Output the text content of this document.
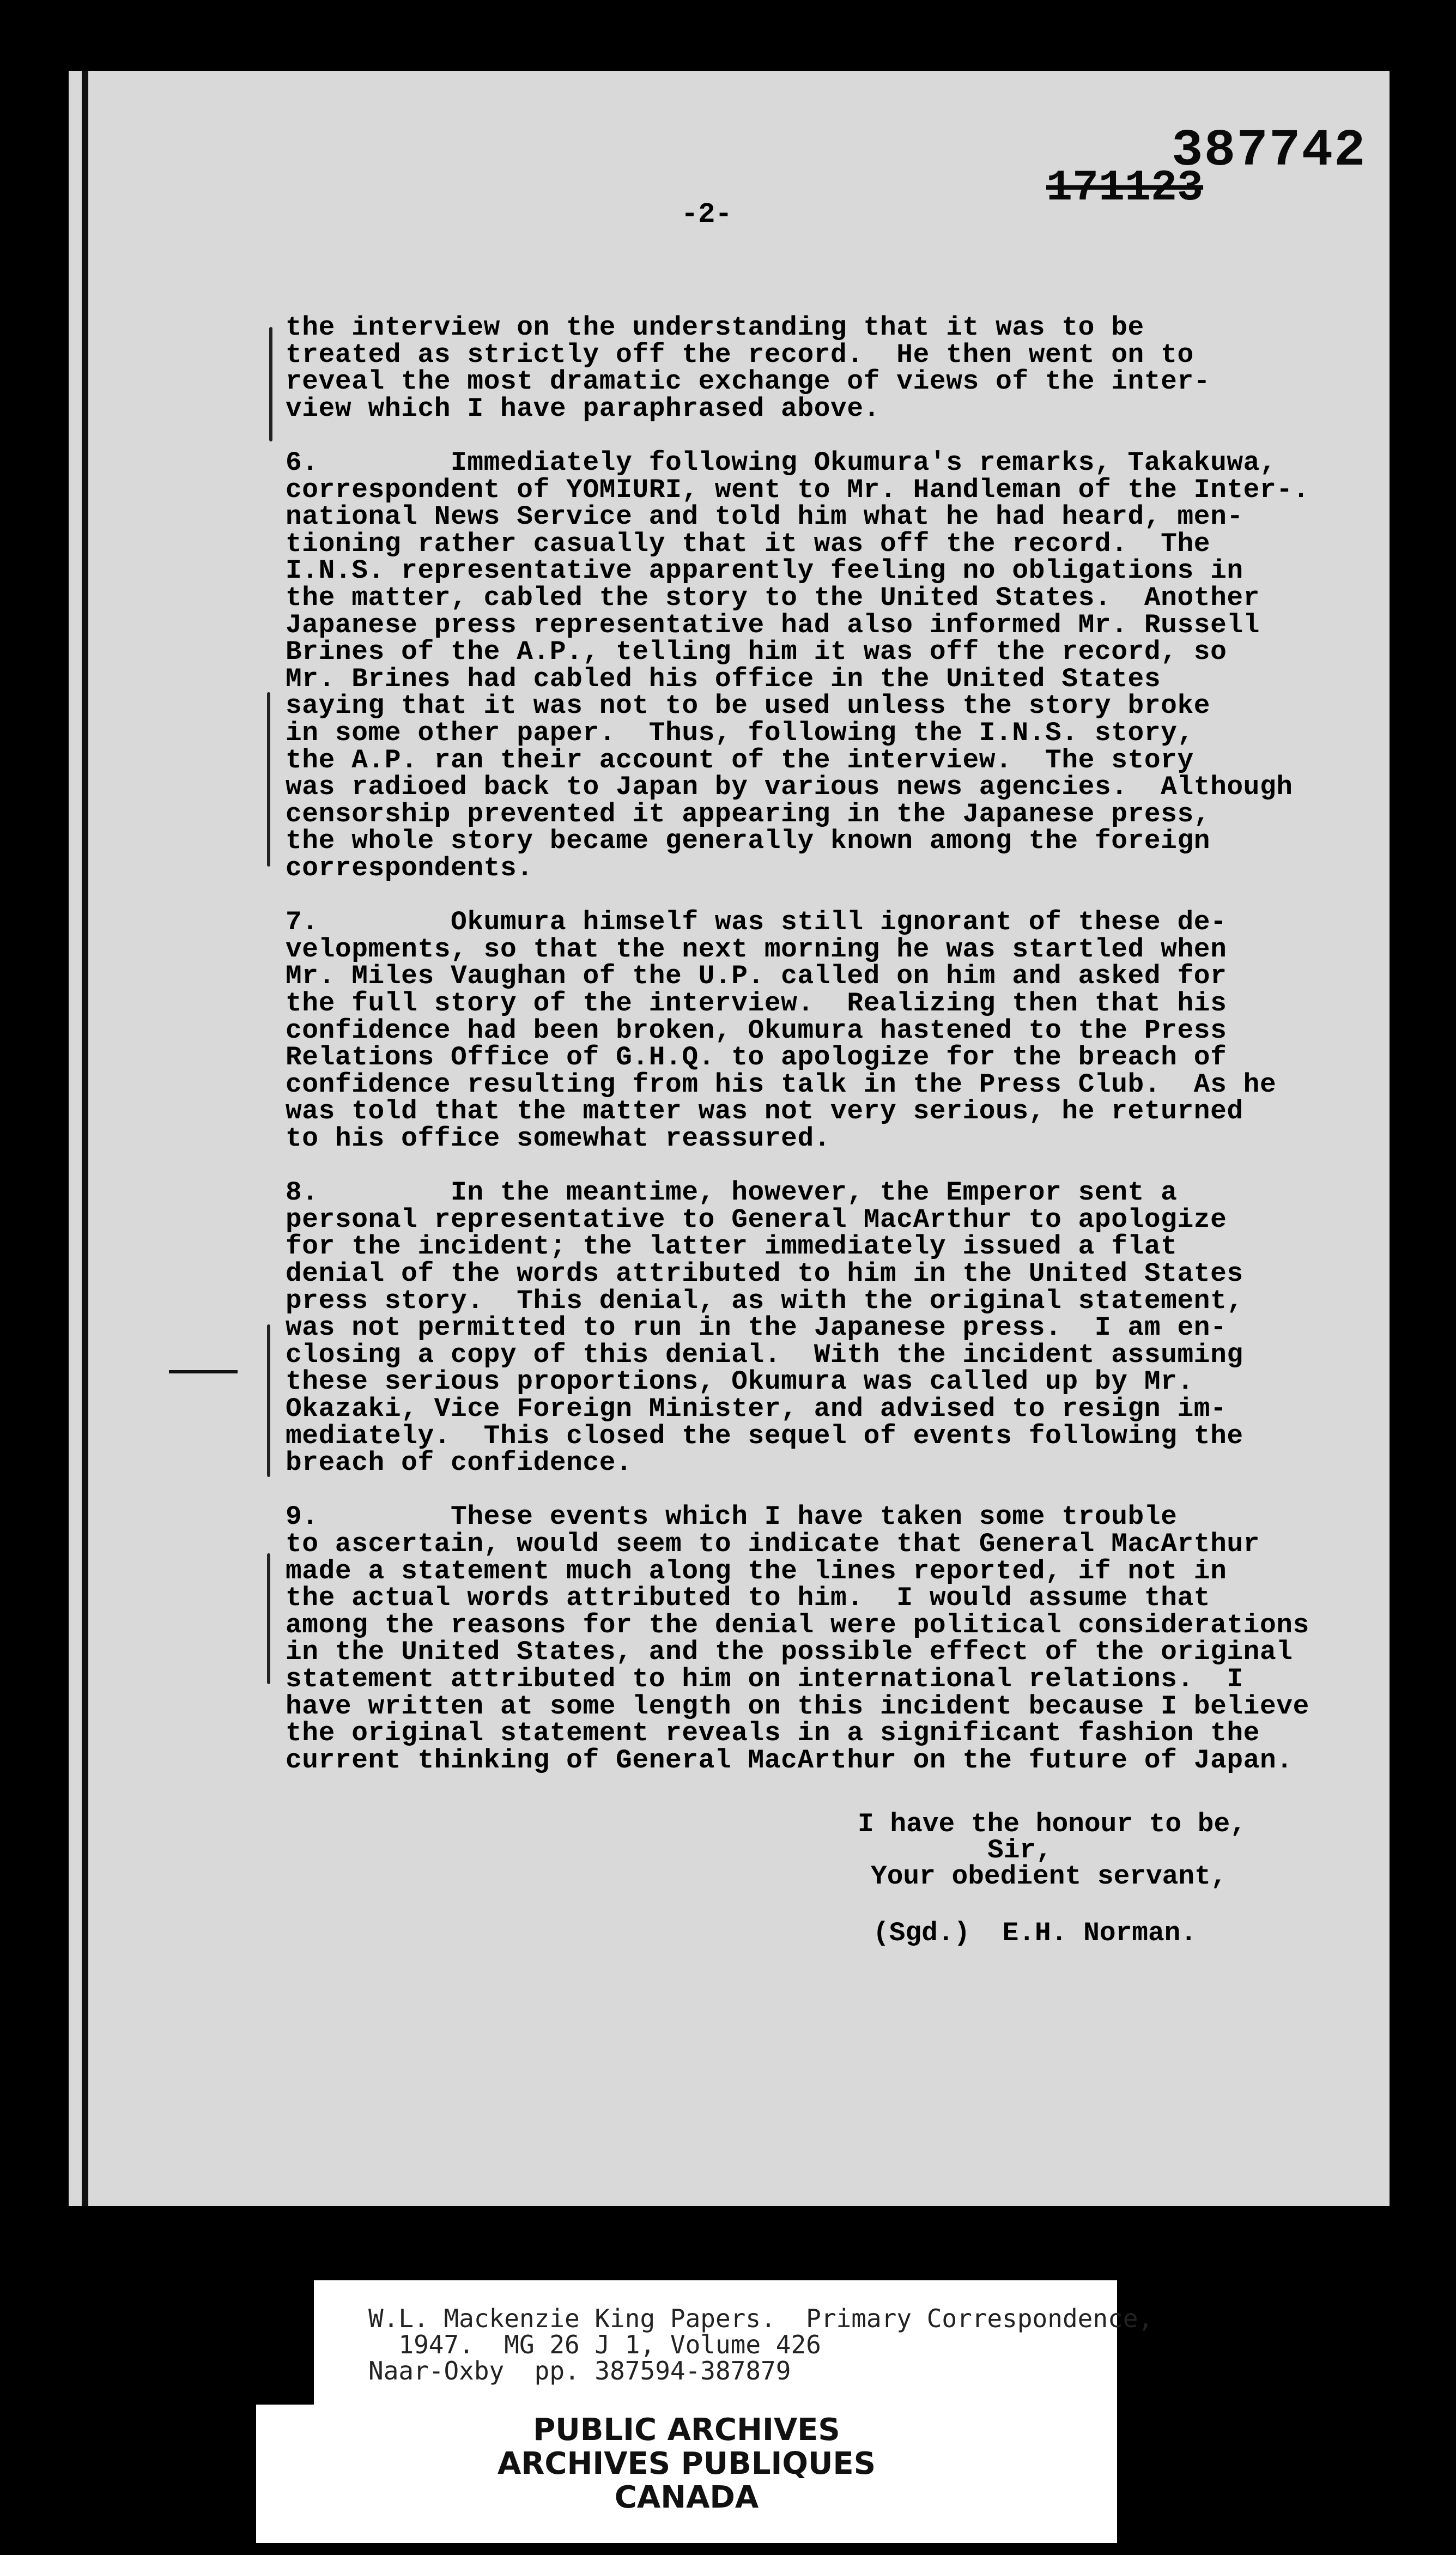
387742
171123
-2-
the interview on the understanding that it was to be
treated as strictly off the record.  He then went on to
reveal the most dramatic exchange of views of the inter-
view which I have paraphrased above.
6.        Immediately following Okumura's remarks, Takakuwa,
correspondent of YOMIURI, went to Mr. Handleman of the Inter-.
national News Service and told him what he had heard, men-
tioning rather casually that it was off the record.  The
I.N.S. representative apparently feeling no obligations in
the matter, cabled the story to the United States.  Another
Japanese press representative had also informed Mr. Russell
Brines of the A.P., telling him it was off the record, so
Mr. Brines had cabled his office in the United States
saying that it was not to be used unless the story broke
in some other paper.  Thus, following the I.N.S. story,
the A.P. ran their account of the interview.  The story
was radioed back to Japan by various news agencies.  Although
censorship prevented it appearing in the Japanese press,
the whole story became generally known among the foreign
correspondents.
7.        Okumura himself was still ignorant of these de-
velopments, so that the next morning he was startled when
Mr. Miles Vaughan of the U.P. called on him and asked for
the full story of the interview.  Realizing then that his
confidence had been broken, Okumura hastened to the Press
Relations Office of G.H.Q. to apologize for the breach of
confidence resulting from his talk in the Press Club.  As he
was told that the matter was not very serious, he returned
to his office somewhat reassured.
8.        In the meantime, however, the Emperor sent a
personal representative to General MacArthur to apologize
for the incident; the latter immediately issued a flat
denial of the words attributed to him in the United States
press story.  This denial, as with the original statement,
was not permitted to run in the Japanese press.  I am en-
closing a copy of this denial.  With the incident assuming
these serious proportions, Okumura was called up by Mr.
Okazaki, Vice Foreign Minister, and advised to resign im-
mediately.  This closed the sequel of events following the
breach of confidence.
9.        These events which I have taken some trouble
to ascertain, would seem to indicate that General MacArthur
made a statement much along the lines reported, if not in
the actual words attributed to him.  I would assume that
among the reasons for the denial were political considerations
in the United States, and the possible effect of the original
statement attributed to him on international relations.  I
have written at some length on this incident because I believe
the original statement reveals in a significant fashion the
current thinking of General MacArthur on the future of Japan.
I have the honour to be,
Sir,
Your obedient servant,
(Sgd.)  E.H. Norman.
W.L. Mackenzie King Papers.  Primary Correspondence,
1947.  MG 26 J 1, Volume 426
Naar-Oxby  pp. 387594-387879
PUBLIC ARCHIVES
ARCHIVES PUBLIQUES
CANADA
